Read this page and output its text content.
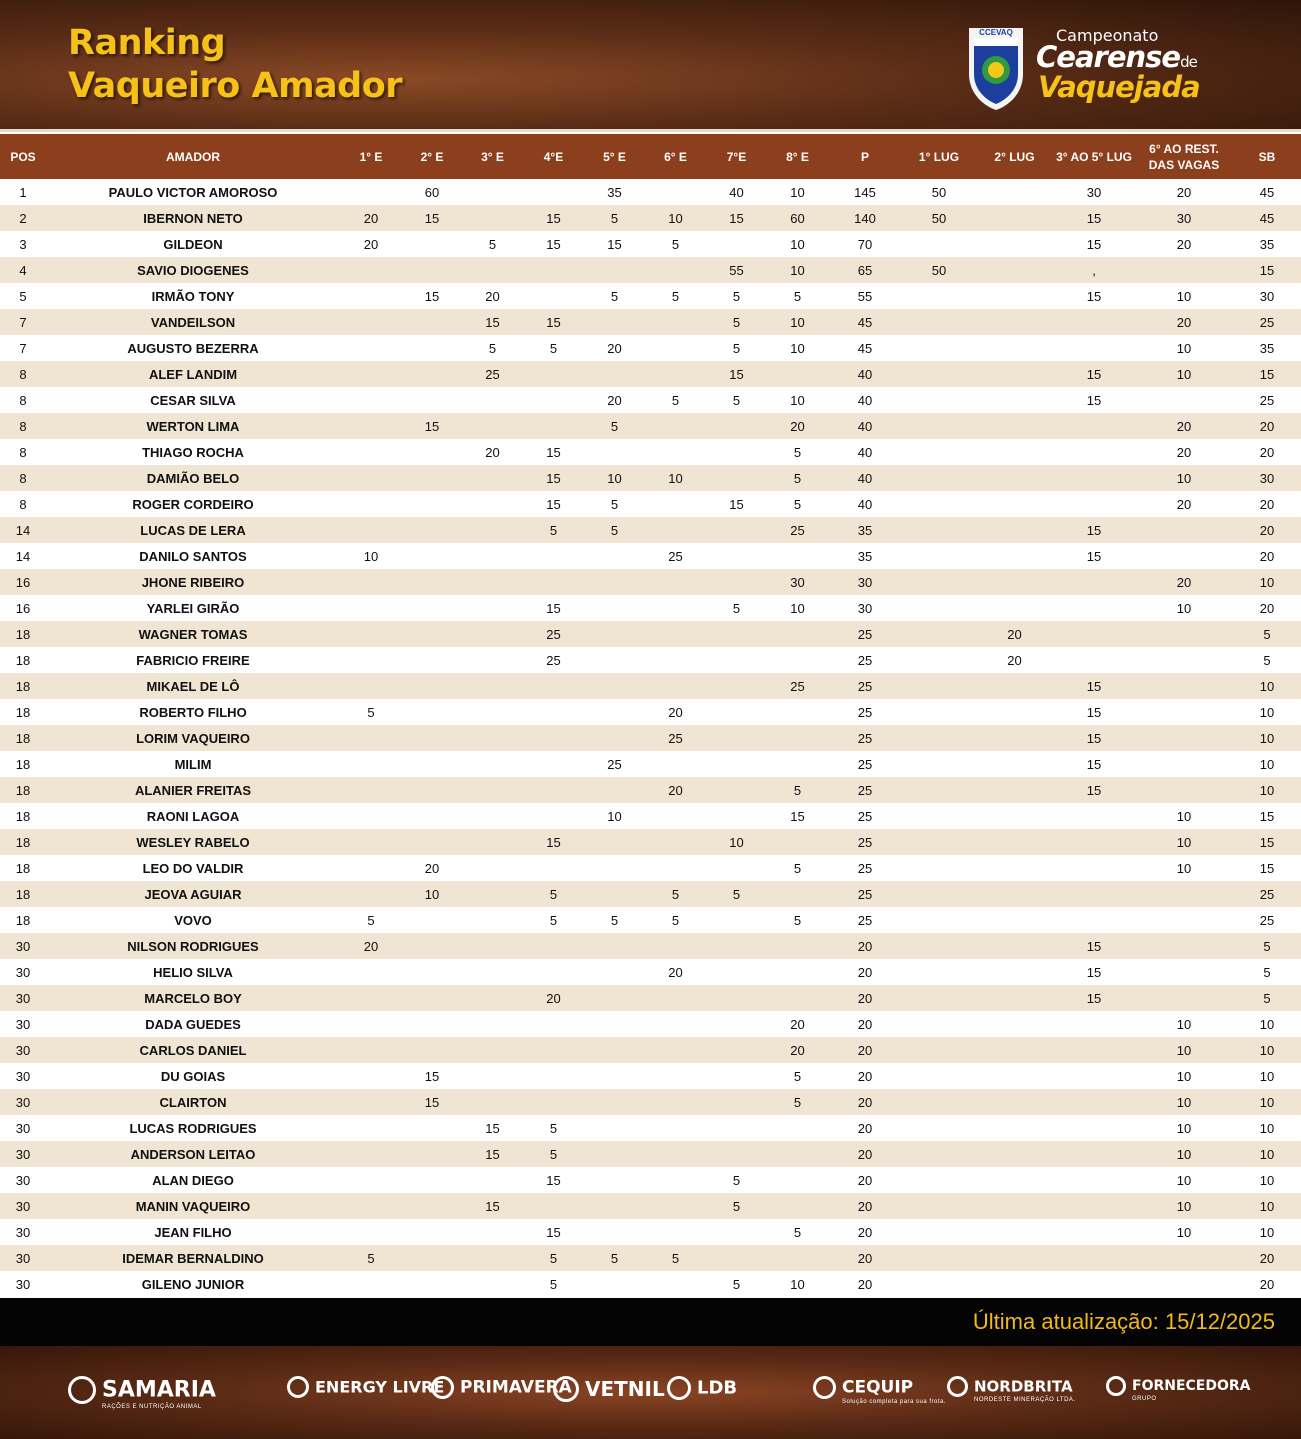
Ranking
Vaqueiro Amador
CCEVAQ	Campeonato
Cearensede
Vaquejada
POS	AMADOR	1° E	2° E	3° E	4°E	5° E	6° E	7°E	8° E	P	1° LUG	2° LUG	3° AO 5° LUG	6° AO REST. DAS VAGAS	SB
1	PAULO VICTOR AMOROSO		60			35		40	10	145	50		30	20	45
2	IBERNON NETO	20	15		15	5	10	15	60	140	50		15	30	45
3	GILDEON	20		5	15	15	5		10	70			15	20	35
4	SAVIO DIOGENES							55	10	65	50		,		15
5	IRMÃO TONY		15	20		5	5	5	5	55			15	10	30
7	VANDEILSON			15	15			5	10	45				20	25
7	AUGUSTO BEZERRA			5	5	20		5	10	45				10	35
8	ALEF LANDIM			25				15		40			15	10	15
8	CESAR SILVA					20	5	5	10	40			15		25
8	WERTON LIMA		15			5			20	40				20	20
8	THIAGO ROCHA			20	15				5	40				20	20
8	DAMIÃO BELO				15	10	10		5	40				10	30
8	ROGER CORDEIRO				15	5		15	5	40				20	20
14	LUCAS DE LERA				5	5			25	35			15		20
14	DANILO SANTOS	10					25			35			15		20
16	JHONE RIBEIRO								30	30				20	10
16	YARLEI GIRÃO				15			5	10	30				10	20
18	WAGNER TOMAS				25					25		20			5
18	FABRICIO FREIRE				25					25		20			5
18	MIKAEL DE LÔ								25	25			15		10
18	ROBERTO FILHO	5					20			25			15		10
18	LORIM VAQUEIRO						25			25			15		10
18	MILIM					25				25			15		10
18	ALANIER FREITAS						20		5	25			15		10
18	RAONI LAGOA					10			15	25				10	15
18	WESLEY RABELO				15			10		25				10	15
18	LEO DO VALDIR		20						5	25				10	15
18	JEOVA AGUIAR		10		5		5	5		25					25
18	VOVO	5			5	5	5		5	25					25
30	NILSON RODRIGUES	20								20			15		5
30	HELIO SILVA						20			20			15		5
30	MARCELO BOY				20					20			15		5
30	DADA GUEDES								20	20				10	10
30	CARLOS DANIEL								20	20				10	10
30	DU GOIAS		15						5	20				10	10
30	CLAIRTON		15						5	20				10	10
30	LUCAS RODRIGUES			15	5					20				10	10
30	ANDERSON LEITAO			15	5					20				10	10
30	ALAN DIEGO				15			5		20				10	10
30	MANIN VAQUEIRO			15				5		20				10	10
30	JEAN FILHO				15				5	20				10	10
30	IDEMAR BERNALDINO	5			5	5	5			20					20
30	GILENO JUNIOR				5			5	10	20					20
Última atualização: 15/12/2025
SAMARIA
RAÇÕES E NUTRIÇÃO ANIMAL
ENERGY LIVRE PRIMAVERA VETNIL	LDB	CEQUIP
Solução completa para sua frota.
NORDBRITA
NORDESTE MINERAÇÃO LTDA.
FORNECEDORA
GRUPO
